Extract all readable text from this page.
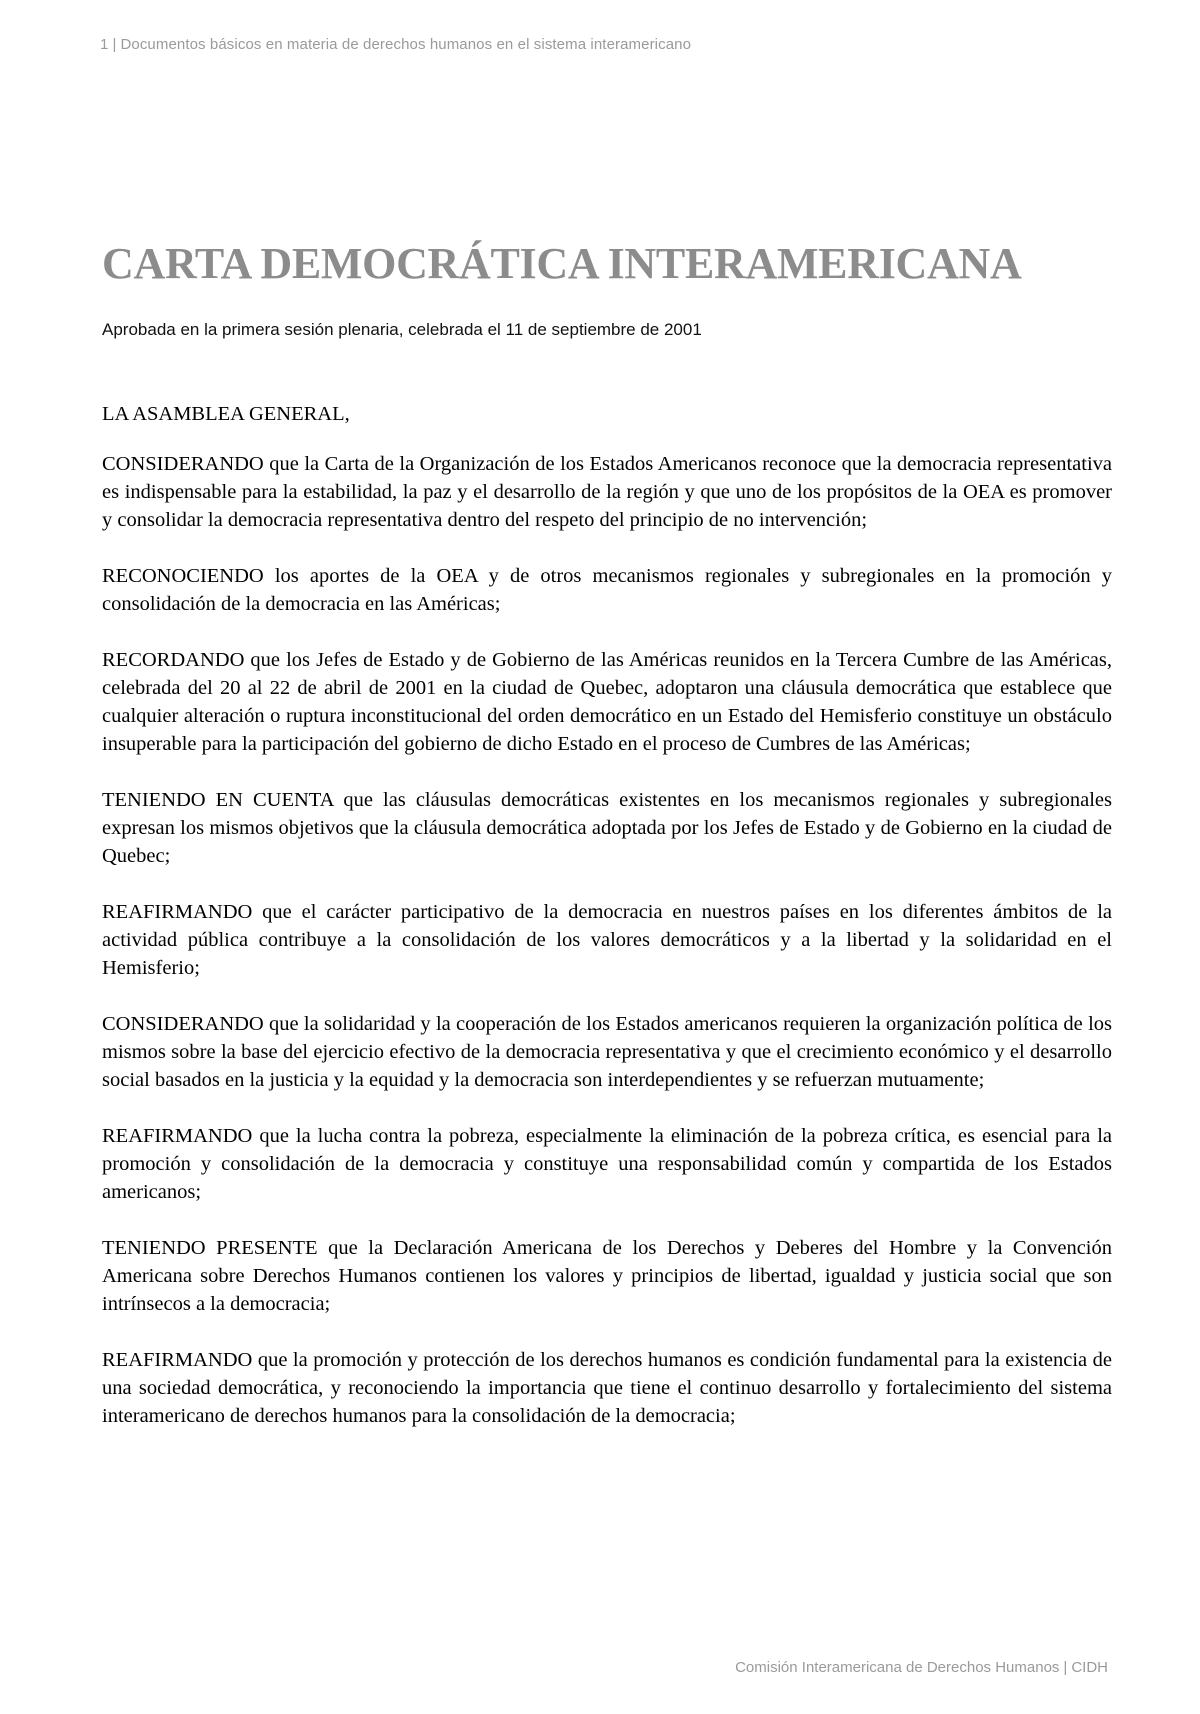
1 | Documentos básicos en materia de derechos humanos en el sistema interamericano
CARTA DEMOCRÁTICA INTERAMERICANA
Aprobada en la primera sesión plenaria, celebrada el 11 de septiembre de 2001

LA ASAMBLEA GENERAL,

CONSIDERANDO que la Carta de la Organización de los Estados Americanos reconoce que la democracia representativa es indispensable para la estabilidad, la paz y el desarrollo de la región y que uno de los propósitos de la OEA es promover y consolidar la democracia representativa dentro del respeto del principio de no intervención;

RECONOCIENDO los aportes de la OEA y de otros mecanismos regionales y subregionales en la promoción y consolidación de la democracia en las Américas;

RECORDANDO que los Jefes de Estado y de Gobierno de las Américas reunidos en la Tercera Cumbre de las Américas, celebrada del 20 al 22 de abril de 2001 en la ciudad de Quebec, adoptaron una cláusula democrática que establece que cualquier alteración o ruptura inconstitucional del orden democrático en un Estado del Hemisferio constituye un obstáculo insuperable para la participación del gobierno de dicho Estado en el proceso de Cumbres de las Américas;

TENIENDO EN CUENTA que las cláusulas democráticas existentes en los mecanismos regionales y subregionales expresan los mismos objetivos que la cláusula democrática adoptada por los Jefes de Estado y de Gobierno en la ciudad de Quebec;

REAFIRMANDO que el carácter participativo de la democracia en nuestros países en los diferentes ámbitos de la actividad pública contribuye a la consolidación de los valores democráticos y a la libertad y la solidaridad en el Hemisferio;

CONSIDERANDO que la solidaridad y la cooperación de los Estados americanos requieren la organización política de los mismos sobre la base del ejercicio efectivo de la democracia representativa y que el crecimiento económico y el desarrollo social basados en la justicia y la equidad y la democracia son interdependientes y se refuerzan mutuamente;

REAFIRMANDO que la lucha contra la pobreza, especialmente la eliminación de la pobreza crítica, es esencial para la promoción y consolidación de la democracia y constituye una responsabilidad común y compartida de los Estados americanos;

TENIENDO PRESENTE que la Declaración Americana de los Derechos y Deberes del Hombre y la Convención Americana sobre Derechos Humanos contienen los valores y principios de libertad, igualdad y justicia social que son intrínsecos a la democracia;

REAFIRMANDO que la promoción y protección de los derechos humanos es condición fundamental para la existencia de una sociedad democrática, y reconociendo la importancia que tiene el continuo desarrollo y fortalecimiento del sistema interamericano de derechos humanos para la consolidación de la democracia;

Comisión Interamericana de Derechos Humanos | CIDH
